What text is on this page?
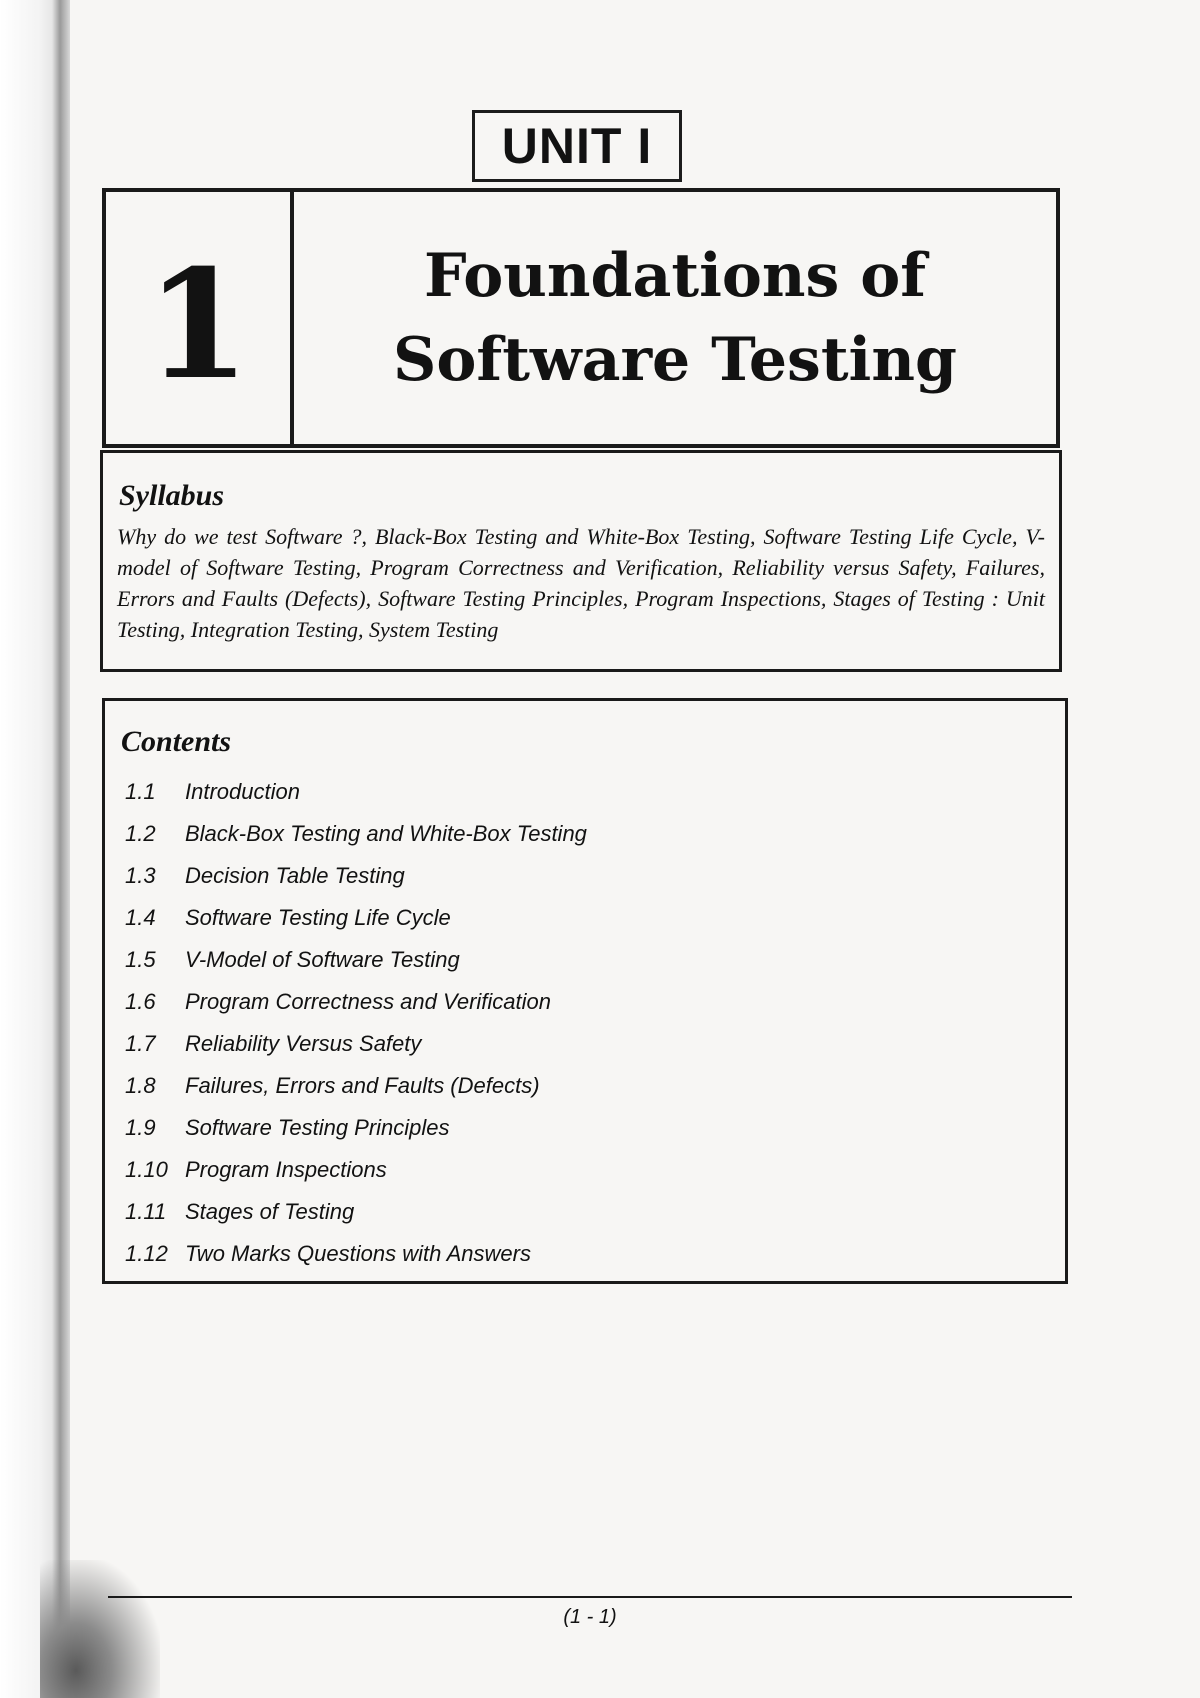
UNIT I
1	Foundations of Software Testing
Syllabus

Why do we test Software ?, Black-Box Testing and White-Box Testing, Software Testing Life Cycle, V-model of Software Testing, Program Correctness and Verification, Reliability versus Safety, Failures, Errors and Faults (Defects), Software Testing Principles, Program Inspections, Stages of Testing : Unit Testing, Integration Testing, System Testing

Contents
1.1	Introduction
1.2	Black-Box Testing and White-Box Testing
1.3	Decision Table Testing
1.4	Software Testing Life Cycle
1.5	V-Model of Software Testing
1.6	Program Correctness and Verification
1.7	Reliability Versus Safety
1.8	Failures, Errors and Faults (Defects)
1.9	Software Testing Principles
1.10 Program Inspections
1.11 Stages of Testing
1.12 Two Marks Questions with Answers
(1 - 1)
